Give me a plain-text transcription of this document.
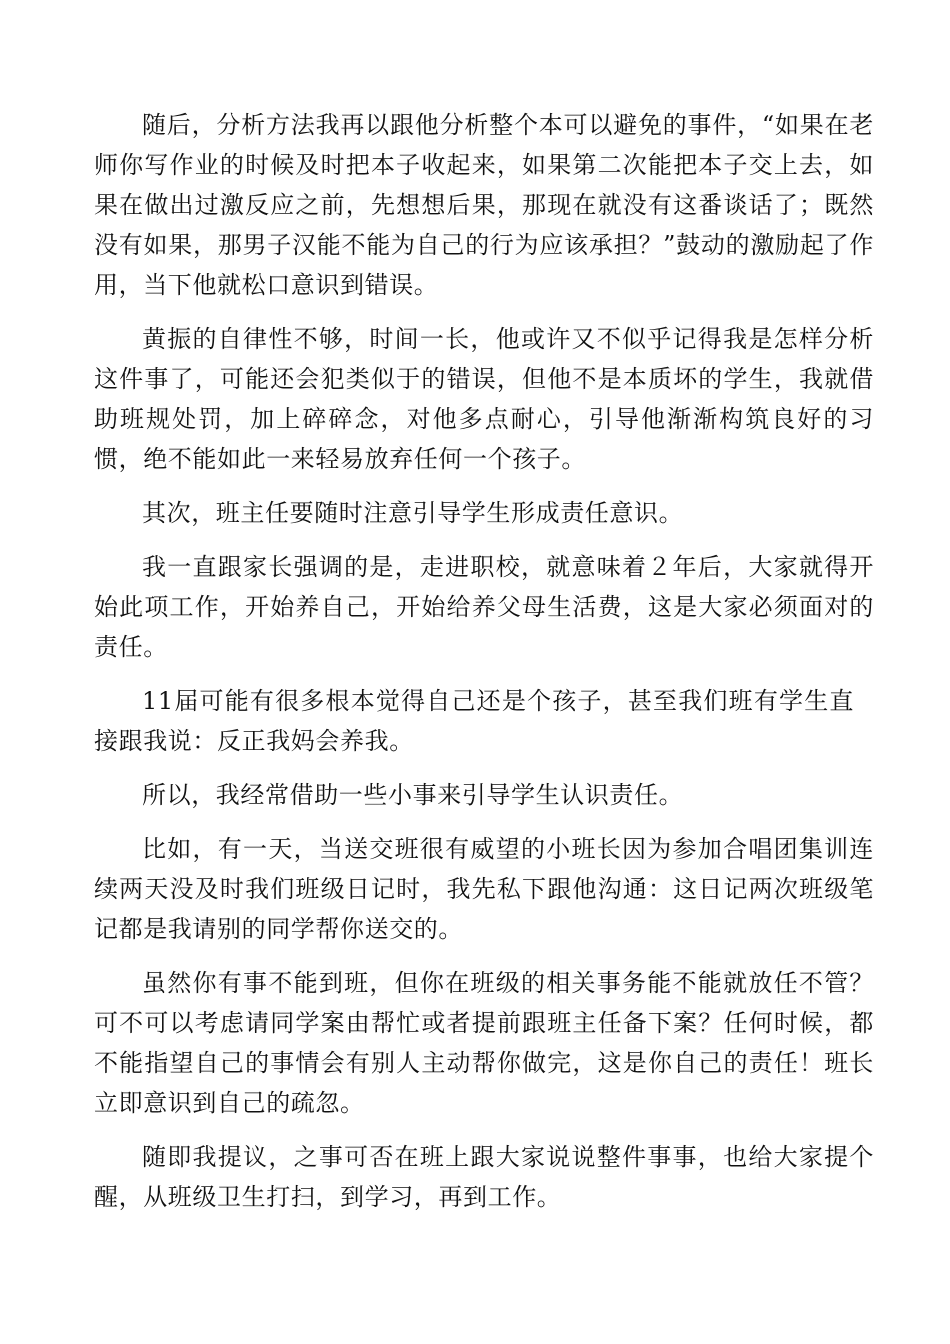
随后，分析方法我再以跟他分析整个本可以避免的事件，“如果在老师你写作业的时候及时把本子收起来，如果第二次能把本子交上去，如果在做出过激反应之前，先想想后果，那现在就没有这番谈话了；既然没有如果，那男子汉能不能为自己的行为应该承担？”鼓动的激励起了作用，当下他就松口意识到错误。

黄振的自律性不够，时间一长，他或许又不似乎记得我是怎样分析这件事了，可能还会犯类似于的错误，但他不是本质坏的学生，我就借助班规处罚，加上碎碎念，对他多点耐心，引导他渐渐构筑良好的习惯，绝不能如此一来轻易放弃任何一个孩子。

其次，班主任要随时注意引导学生形成责任意识。

我一直跟家长强调的是，走进职校，就意味着２年后，大家就得开始此项工作，开始养自己，开始给养父母生活费，这是大家必须面对的责任。

11届可能有很多根本觉得自己还是个孩子，甚至我们班有学生直接跟我说：反正我妈会养我。

所以，我经常借助一些小事来引导学生认识责任。

比如，有一天，当送交班很有威望的小班长因为参加合唱团集训连续两天没及时我们班级日记时，我先私下跟他沟通：这日记两次班级笔记都是我请别的同学帮你送交的。

虽然你有事不能到班，但你在班级的相关事务能不能就放任不管？可不可以考虑请同学案由帮忙或者提前跟班主任备下案？任何时候，都不能指望自己的事情会有别人主动帮你做完，这是你自己的责任！班长立即意识到自己的疏忽。

随即我提议，之事可否在班上跟大家说说整件事事，也给大家提个醒，从班级卫生打扫，到学习，再到工作。
